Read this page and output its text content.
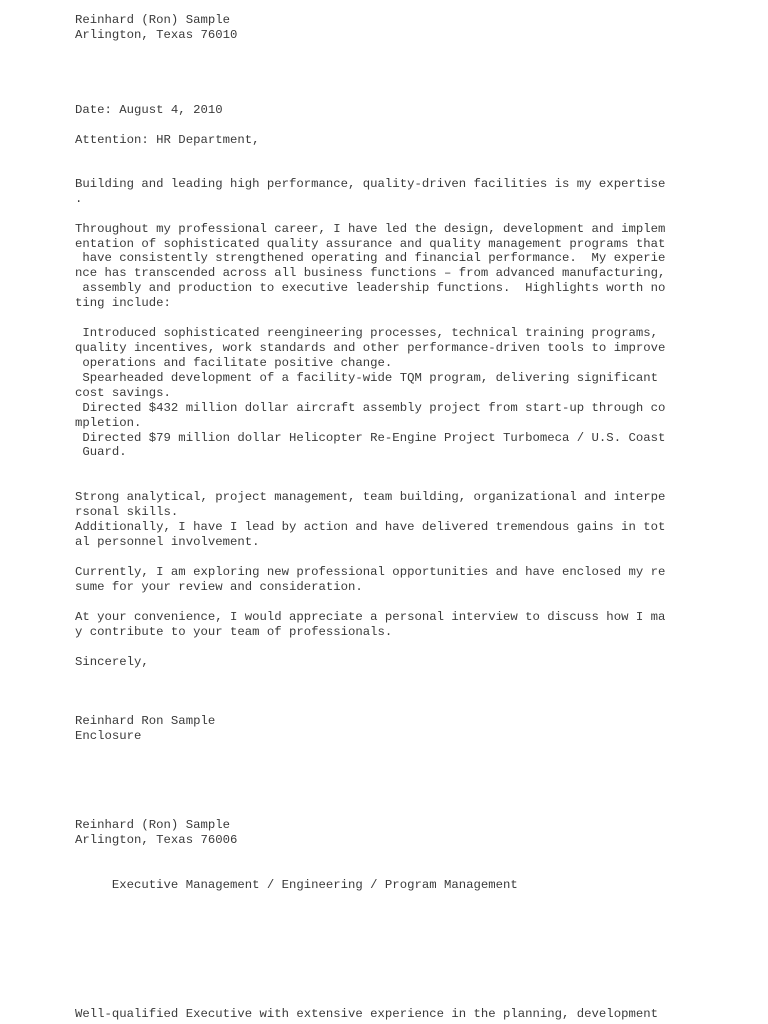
Reinhard (Ron) Sample

Arlington, Texas 76010

Date: August 4, 2010

Attention: HR Department,

Building and leading high performance, quality-driven facilities is my expertise

.

Throughout my professional career, I have led the design, development and implem

entation of sophisticated quality assurance and quality management programs that

have consistently strengthened operating and financial performance.  My experie

nce has transcended across all business functions – from advanced manufacturing,

assembly and production to executive leadership functions.  Highlights worth no

ting include:

Introduced sophisticated reengineering processes, technical training programs,

quality incentives, work standards and other performance-driven tools to improve

operations and facilitate positive change.

Spearheaded development of a facility-wide TQM program, delivering significant

cost savings.

Directed $432 million dollar aircraft assembly project from start-up through co

mpletion.

Directed $79 million dollar Helicopter Re-Engine Project Turbomeca / U.S. Coast

Guard.

Strong analytical, project management, team building, organizational and interpe

rsonal skills.

Additionally, I have I lead by action and have delivered tremendous gains in tot

al personnel involvement.

Currently, I am exploring new professional opportunities and have enclosed my re

sume for your review and consideration.

At your convenience, I would appreciate a personal interview to discuss how I ma

y contribute to your team of professionals.

Sincerely,

Reinhard Ron Sample

Enclosure

Reinhard (Ron) Sample

Arlington, Texas 76006

Executive Management / Engineering / Program Management

Well-qualified Executive with extensive experience in the planning, development
